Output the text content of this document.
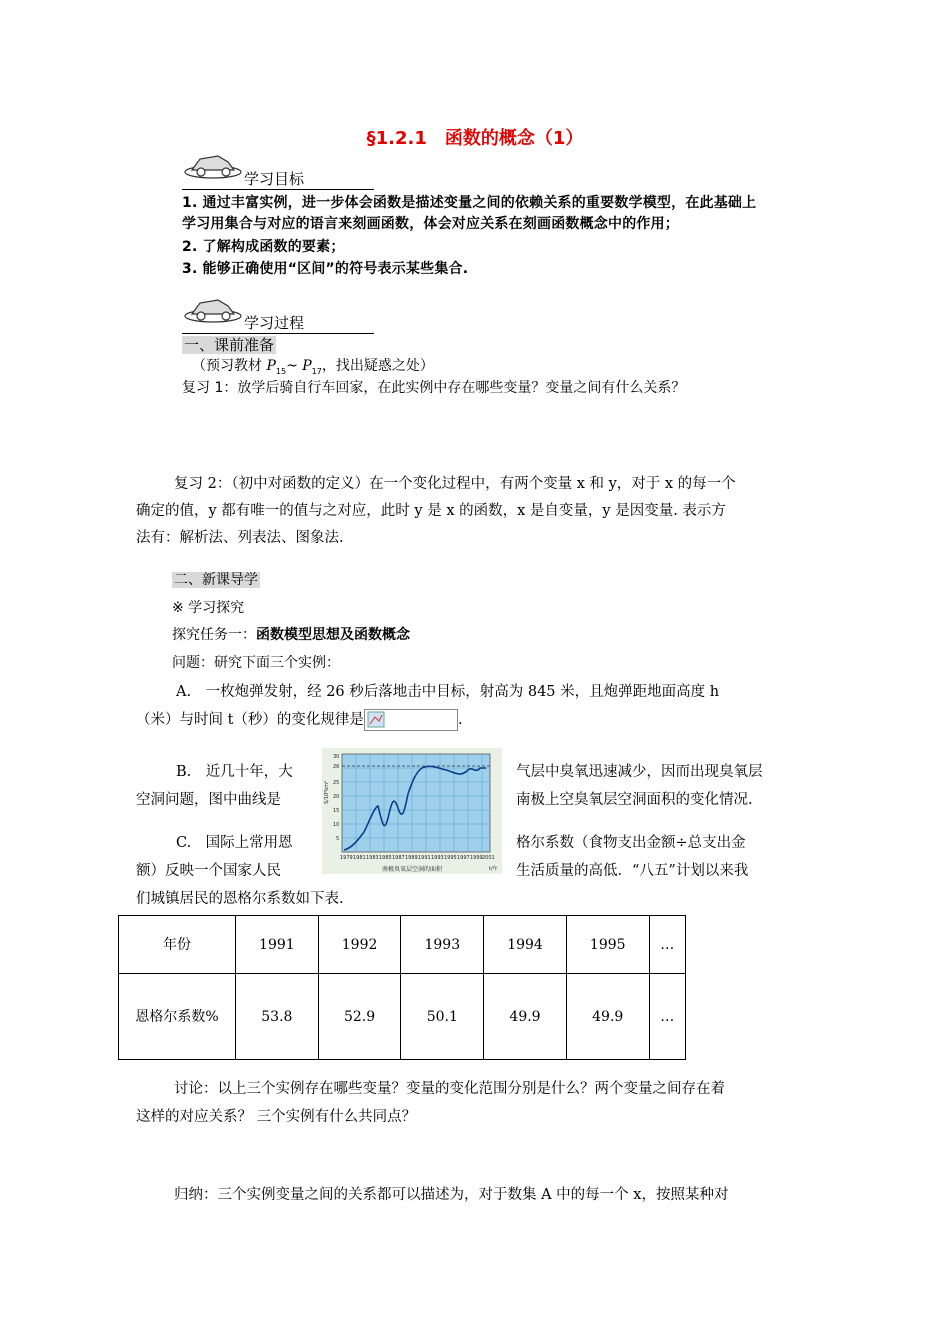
§1.2.1　函数的概念（1）
学习目标
1. 通过丰富实例，进一步体会函数是描述变量之间的依赖关系的重要数学模型，在此基础上
学习用集合与对应的语言来刻画函数，体会对应关系在刻画函数概念中的作用；
2. 了解构成函数的要素；
3. 能够正确使用“区间”的符号表示某些集合.
学习过程
一、课前准备
（预习教材 $P_{15}\sim$ $P_{17}$，找出疑惑之处）
复习 1：放学后骑自行车回家，在此实例中存在哪些变量？变量之间有什么关系？
复习 2：（初中对函数的定义）在一个变化过程中，有两个变量 x 和 y，对于 x 的每一个
确定的值，y 都有唯一的值与之对应，此时 y 是 x 的函数，x 是自变量，y 是因变量. 表示方
法有：解析法、列表法、图象法.
二、新课导学
※ 学习探究
探究任务一：函数模型思想及函数概念
问题：研究下面三个实例：
A.　一枚炮弹发射，经 26 秒后落地击中目标，射高为 845 米，且炮弹距地面高度 h
（米）与时间 t（秒）的变化规律是	.
B.　近几十年，大
空洞问题，图中曲线是
气层中臭氧迅速减少，因而出现臭氧层
南极上空臭氧层空洞面积的变化情况.
S/10⁶km²
5
10
15
20
25
26
30
1979 1981 1983 1985 1987 1989 1991 1993 1995 1997 1999 2001
t/年
南极臭氧层空洞的面积
C.　国际上常用恩
额）反映一个国家人民
格尔系数（食物支出金额÷总支出金
生活质量的高低．“八五”计划以来我
们城镇居民的恩格尔系数如下表.
年份	1991	1992	1993	1994	1995	…
恩格尔系数%	53.8	52.9	50.1	49.9	49.9	…
讨论：以上三个实例存在哪些变量？变量的变化范围分别是什么？两个变量之间存在着
这样的对应关系？ 三个实例有什么共同点？
归纳：三个实例变量之间的关系都可以描述为，对于数集 A 中的每一个 x，按照某种对
